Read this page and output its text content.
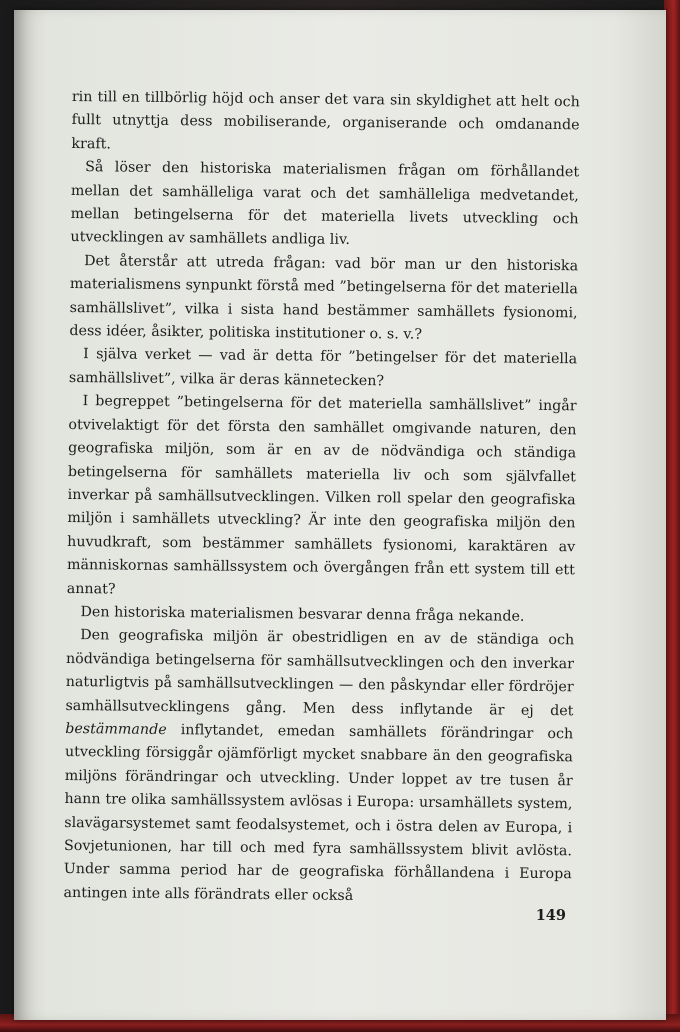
rin till en tillbörlig höjd och anser det vara sin skyldighet att helt och fullt utnyttja dess mobiliserande, organiserande och omdanande kraft.

Så löser den historiska materialismen frågan om förhållandet mellan det samhälleliga varat och det samhälleliga medvetandet, mellan betingelserna för det materiella livets utveckling och utvecklingen av samhällets andliga liv.

Det återstår att utreda frågan: vad bör man ur den historiska materialismens synpunkt förstå med ”betingelserna för det materiella samhällslivet”, vilka i sista hand bestämmer samhällets fysionomi, dess idéer, åsikter, politiska institutioner o. s. v.?

I själva verket — vad är detta för ”betingelser för det materiella samhällslivet”, vilka är deras kännetecken?

I begreppet ”betingelserna för det materiella samhällslivet” ingår otvivelaktigt för det första den samhället omgivande naturen, den geografiska miljön, som är en av de nödvändiga och ständiga betingelserna för samhällets materiella liv och som självfallet inverkar på samhällsutvecklingen. Vilken roll spelar den geografiska miljön i samhällets utveckling? Är inte den geografiska miljön den huvudkraft, som bestämmer samhällets fysionomi, karaktären av människornas samhällssystem och övergången från ett system till ett annat?

Den historiska materialismen besvarar denna fråga nekande.

Den geografiska miljön är obestridligen en av de ständiga och nödvändiga betingelserna för samhällsutvecklingen och den inverkar naturligtvis på samhällsutvecklingen — den påskyndar eller fördröjer samhällsutvecklingens gång. Men dess inflytande är ej det bestämmande inflytandet, emedan samhällets förändringar och utveckling försiggår ojämförligt mycket snabbare än den geografiska miljöns förändringar och utveckling. Under loppet av tre tusen år hann tre olika samhällssystem avlösas i Europa: ursamhällets system, slavägarsystemet samt feodalsystemet, och i östra delen av Europa, i Sovjetunionen, har till och med fyra samhällssystem blivit avlösta. Under samma period har de geografiska förhållandena i Europa antingen inte alls förändrats eller också

149
